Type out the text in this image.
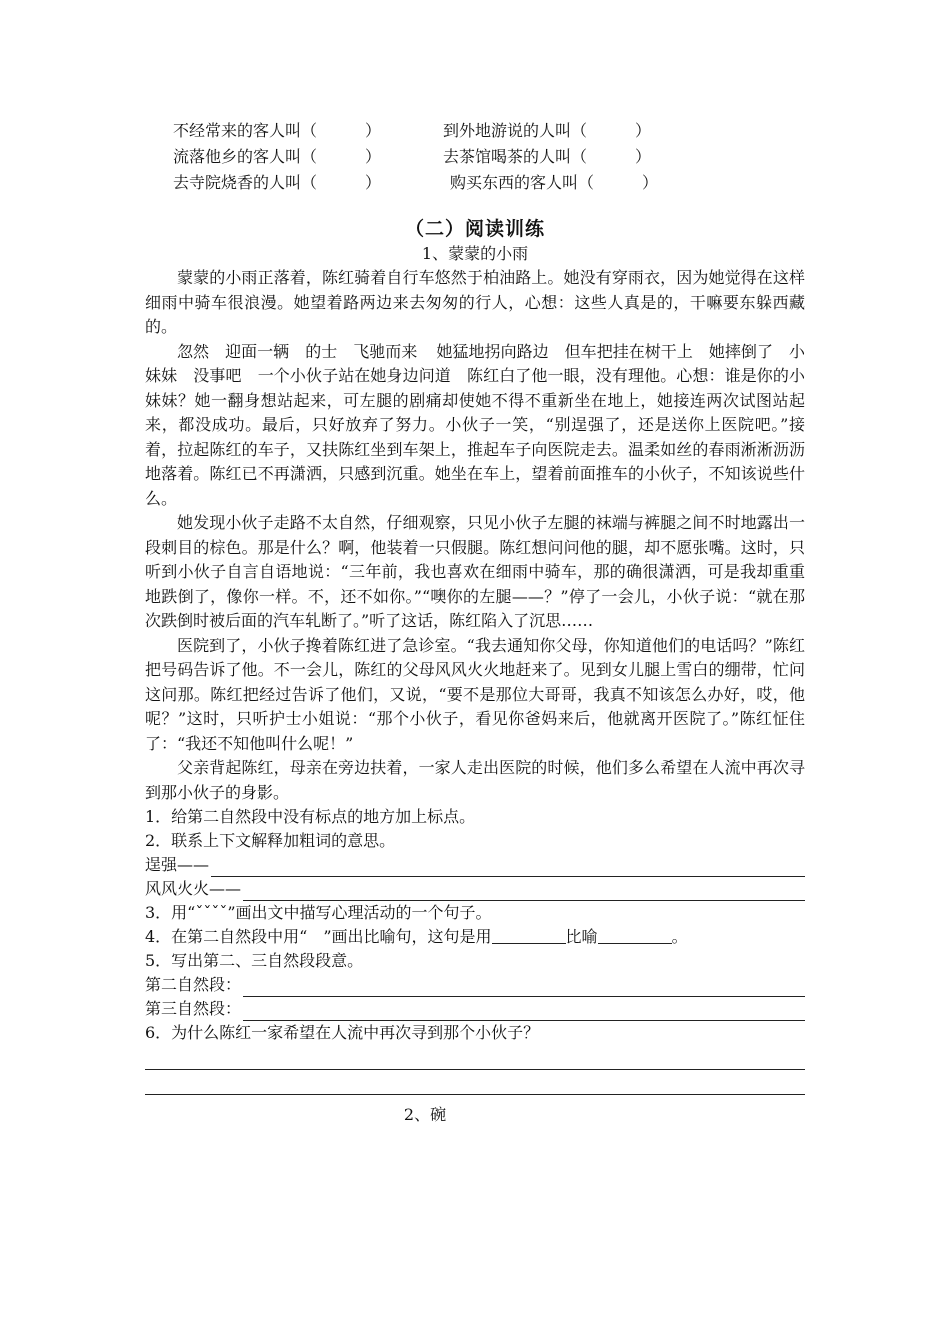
不经常来的客人叫（　　　）	到外地游说的人叫（　　　）
流落他乡的客人叫（　　　）	去茶馆喝茶的人叫（　　　）
去寺院烧香的人叫（　　　）	购买东西的客人叫（　　　）
（二）阅读训练
1、蒙蒙的小雨

蒙蒙的小雨正落着，陈红骑着自行车悠然于柏油路上。她没有穿雨衣，因为她觉得在这样细雨中骑车很浪漫。她望着路两边来去匆匆的行人，心想：这些人真是的，干嘛要东躲西藏的。

忽然　迎面一辆　的士　飞驰而来 她猛地拐向路边　但车把挂在树干上　她摔倒了　小妹妹　没事吧　一个小伙子站在她身边问道　陈红白了他一眼，没有理他。心想：谁是你的小妹妹？她一翻身想站起来，可左腿的剧痛却使她不得不重新坐在地上，她接连两次试图站起来，都没成功。最后，只好放弃了努力。小伙子一笑，“别逞强了，还是送你上医院吧。”接着，拉起陈红的车子，又扶陈红坐到车架上，推起车子向医院走去。温柔如丝的春雨淅淅沥沥地落着。陈红已不再潇洒，只感到沉重。她坐在车上，望着前面推车的小伙子，不知该说些什么。

她发现小伙子走路不太自然，仔细观察，只见小伙子左腿的袜端与裤腿之间不时地露出一段刺目的棕色。那是什么？啊，他装着一只假腿。陈红想问问他的腿，却不愿张嘴。这时，只听到小伙子自言自语地说：“三年前，我也喜欢在细雨中骑车，那的确很潇洒，可是我却重重地跌倒了，像你一样。不，还不如你。”“噢你的左腿——？”停了一会儿，小伙子说：“就在那次跌倒时被后面的汽车轧断了。”听了这话，陈红陷入了沉思……

医院到了，小伙子搀着陈红进了急诊室。“我去通知你父母，你知道他们的电话吗？”陈红把号码告诉了他。不一会儿，陈红的父母风风火火地赶来了。见到女儿腿上雪白的绷带，忙问这问那。陈红把经过告诉了他们，又说，“要不是那位大哥哥，我真不知该怎么办好，哎，他呢？”这时，只听护士小姐说：“那个小伙子，看见你爸妈来后，他就离开医院了。”陈红怔住了：“我还不知他叫什么呢！”

父亲背起陈红，母亲在旁边扶着，一家人走出医院的时候，他们多么希望在人流中再次寻到那小伙子的身影。

1．给第二自然段中没有标点的地方加上标点。
2．联系上下文解释加粗词的意思。
逞强——
风风火火——
3．用“ˇˇˇˇ”画出文中描写心理活动的一个句子。
4．在第二自然段中用“　”画出比喻句，这句是用	比喻	。
5．写出第二、三自然段段意。
第二自然段：
第三自然段：
6．为什么陈红一家希望在人流中再次寻到那个小伙子？
2、碗
